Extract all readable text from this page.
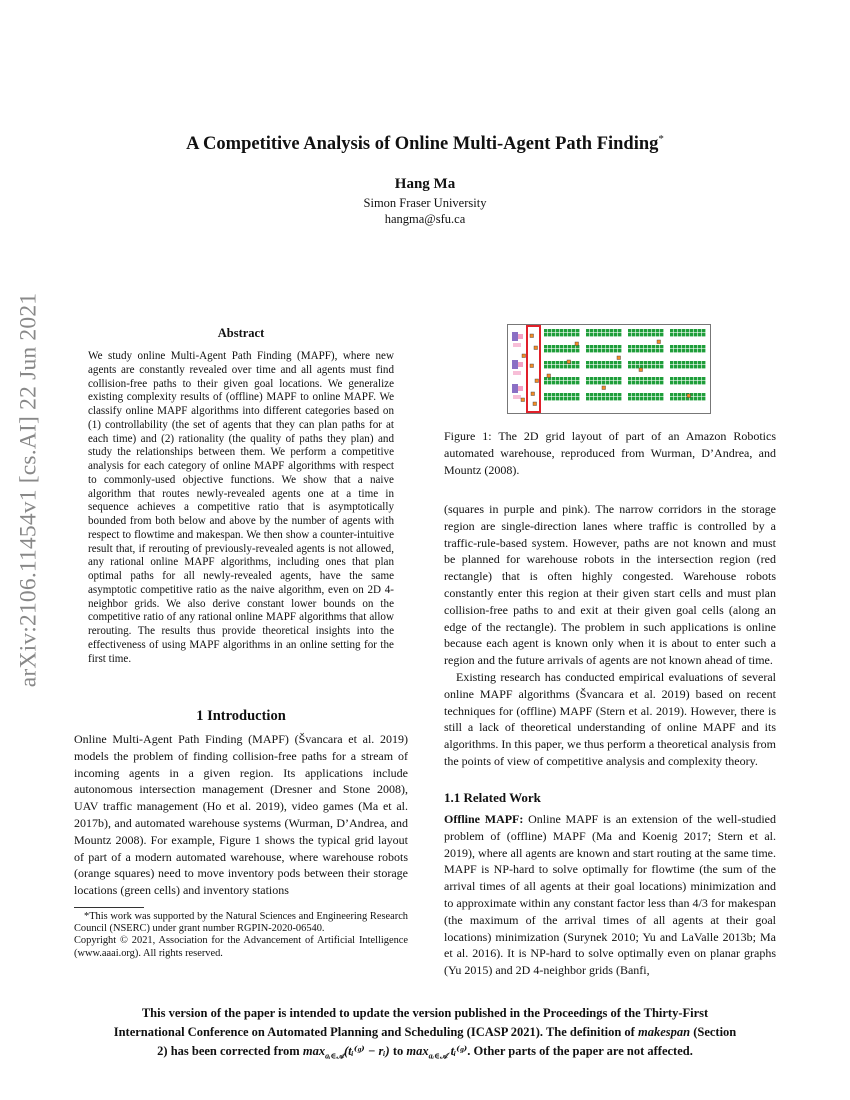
A Competitive Analysis of Online Multi-Agent Path Finding*
Hang Ma
Simon Fraser University
hangma@sfu.ca
arXiv:2106.11454v1 [cs.AI] 22 Jun 2021	Abstract
We study online Multi-Agent Path Finding (MAPF), where new agents are constantly revealed over time and all agents must find collision-free paths to their given goal locations. We generalize existing complexity results of (offline) MAPF to online MAPF. We classify online MAPF algorithms into different categories based on (1) controllability (the set of agents that they can plan paths for at each time) and (2) rationality (the quality of paths they plan) and study the relationships between them. We perform a competitive analysis for each category of online MAPF algorithms with respect to commonly-used objective functions. We show that a naive algorithm that routes newly-revealed agents one at a time in sequence achieves a competitive ratio that is asymptotically bounded from both below and above by the number of agents with respect to flowtime and makespan. We then show a counter-intuitive result that, if rerouting of previously-revealed agents is not allowed, any rational online MAPF algorithms, including ones that plan optimal paths for all newly-revealed agents, have the same asymptotic competitive ratio as the naive algorithm, even on 2D 4-neighbor grids. We also derive constant lower bounds on the competitive ratio of any rational online MAPF algorithms that allow rerouting. The results thus provide theoretical insights into the effectiveness of using MAPF algorithms in an online setting for the first time.
1 Introduction
Online Multi-Agent Path Finding (MAPF) (Švancara et al. 2019) models the problem of finding collision-free paths for a stream of incoming agents in a given region. Its applications include autonomous intersection management (Dresner and Stone 2008), UAV traffic management (Ho et al. 2019), video games (Ma et al. 2017b), and automated warehouse systems (Wurman, D’Andrea, and Mountz 2008). For example, Figure 1 shows the typical grid layout of part of a modern automated warehouse, where warehouse robots (orange squares) need to move inventory pods between their storage locations (green cells) and inventory stations

*This work was supported by the Natural Sciences and Engineering Research Council (NSERC) under grant number RGPIN-2020-06540.

Copyright © 2021, Association for the Advancement of Artificial Intelligence (www.aaai.org). All rights reserved.

Figure 1: The 2D grid layout of part of an Amazon Robotics automated warehouse, reproduced from Wurman, D’Andrea, and Mountz (2008).

(squares in purple and pink). The narrow corridors in the storage region are single-direction lanes where traffic is controlled by a traffic-rule-based system. However, paths are not known and must be planned for warehouse robots in the intersection region (red rectangle) that is often highly congested. Warehouse robots constantly enter this region at their given start cells and must plan collision-free paths to and exit at their given goal cells (along an edge of the rectangle). The problem in such applications is online because each agent is known only when it is about to enter such a region and the future arrivals of agents are not known ahead of time.

Existing research has conducted empirical evaluations of several online MAPF algorithms (Švancara et al. 2019) based on recent techniques for (offline) MAPF (Stern et al. 2019). However, there is still a lack of theoretical understanding of online MAPF and its algorithms. In this paper, we thus perform a theoretical analysis from the points of view of competitive analysis and complexity theory.

1.1 Related Work
Offline MAPF: Online MAPF is an extension of the well-studied problem of (offline) MAPF (Ma and Koenig 2017; Stern et al. 2019), where all agents are known and start routing at the same time. MAPF is NP-hard to solve optimally for flowtime (the sum of the arrival times of all agents at their goal locations) minimization and to approximate within any constant factor less than 4/3 for makespan (the maximum of the arrival times of all agents at their goal locations) minimization (Surynek 2010; Yu and LaValle 2013b; Ma et al. 2016). It is NP-hard to solve optimally even on planar graphs (Yu 2015) and 2D 4-neighbor grids (Banfi,
This version of the paper is intended to update the version published in the Proceedings of the Thirty-First
International Conference on Automated Planning and Scheduling (ICASP 2021). The definition of makespan (Section
2) has been corrected from $\max_{aᵢ\in 𝒜}(tᵢ^(ᵍ^)$ − rᵢ) to $\max_{aᵢ\in 𝒜}$ tᵢ⁽ᵍ⁾. Other parts of the paper are not affected.
